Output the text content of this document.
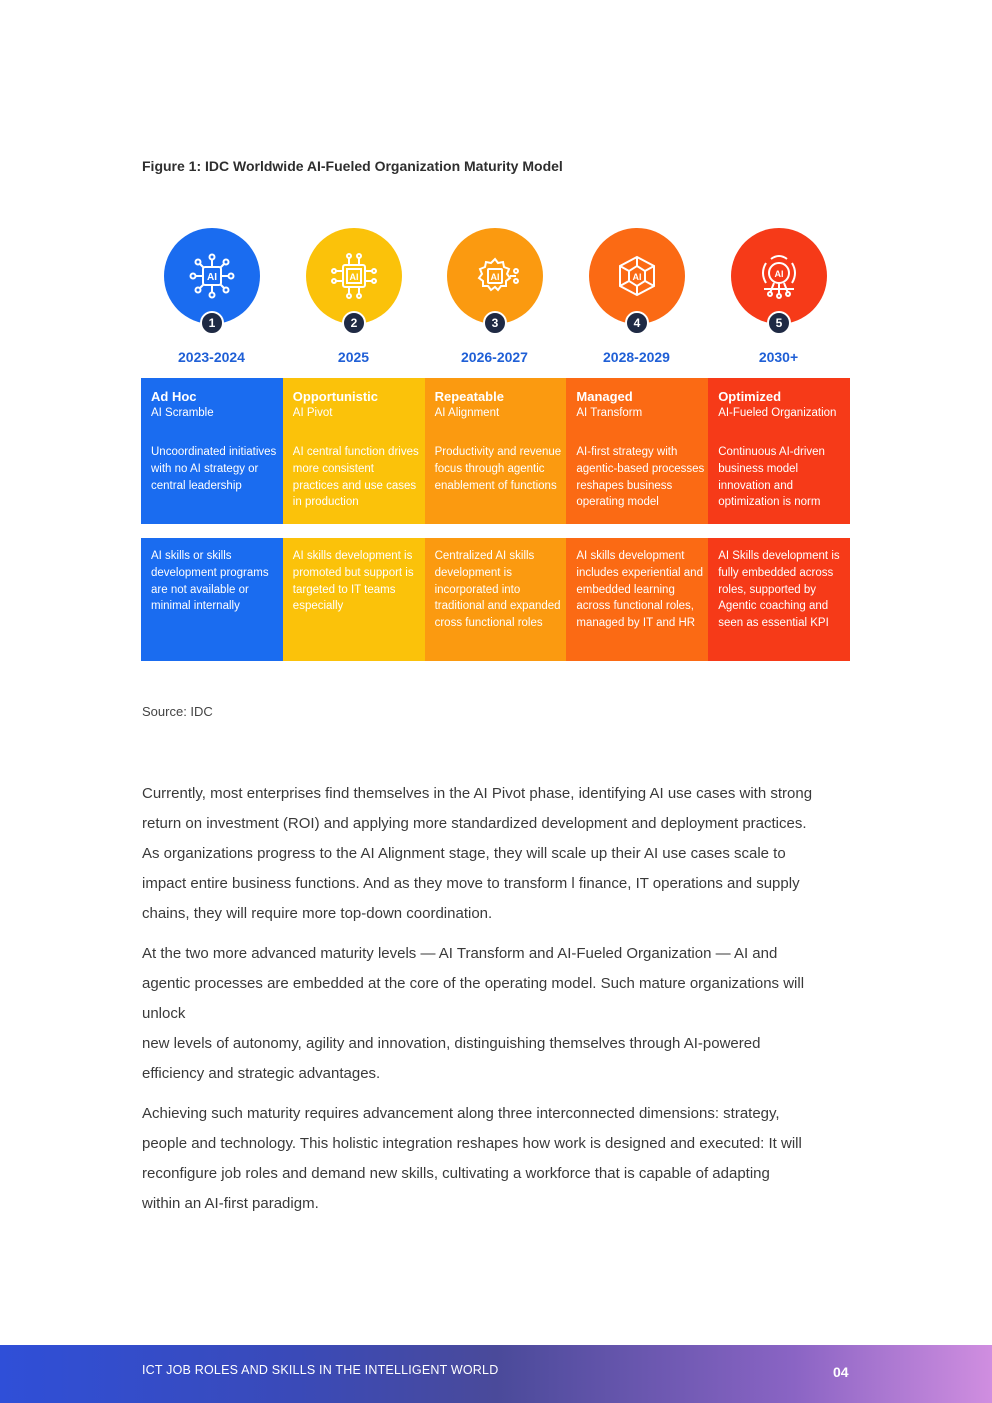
Figure 1: IDC Worldwide AI-Fueled Organization Maturity Model
AI
1
2023-2024
AI
2
2025
AI
3
2026-2027
AI
4
2028-2029
AI
5
2030+
Ad Hoc
AI Scramble
Uncoordinated initiatives with no AI strategy or central leadership
Opportunistic
AI Pivot
AI central function drives more consistent practices and use cases in production
Repeatable
AI Alignment
Productivity and revenue focus through agentic enablement of functions
Managed
AI Transform
AI-first strategy with agentic-based processes reshapes business operating model
Optimized
AI-Fueled Organization
Continuous AI-driven business model innovation and optimization is norm
AI skills or skills development programs are not available or minimal internally
AI skills development is promoted but support is targeted to IT teams especially
Centralized AI skills development is incorporated into traditional and expanded cross functional roles
AI skills development includes experiential and embedded learning across functional roles, managed by IT and HR
AI Skills development is fully embedded across roles, supported by Agentic coaching and seen as essential KPI
Source: IDC

Currently, most enterprises find themselves in the AI Pivot phase, identifying AI use cases with strong
return on investment (ROI) and applying more standardized development and deployment practices.
As organizations progress to the AI Alignment stage, they will scale up their AI use cases scale to
impact entire business functions. And as they move to transform l finance, IT operations and supply
chains, they will require more top-down coordination.

At the two more advanced maturity levels — AI Transform and AI-Fueled Organization — AI and
agentic processes are embedded at the core of the operating model. Such mature organizations will
unlock
new levels of autonomy, agility and innovation, distinguishing themselves through AI-powered
efficiency and strategic advantages.

Achieving such maturity requires advancement along three interconnected dimensions: strategy,
people and technology. This holistic integration reshapes how work is designed and executed: It will
reconfigure job roles and demand new skills, cultivating a workforce that is capable of adapting
within an AI-first paradigm.

ICT JOB ROLES AND SKILLS IN THE INTELLIGENT WORLD	04
